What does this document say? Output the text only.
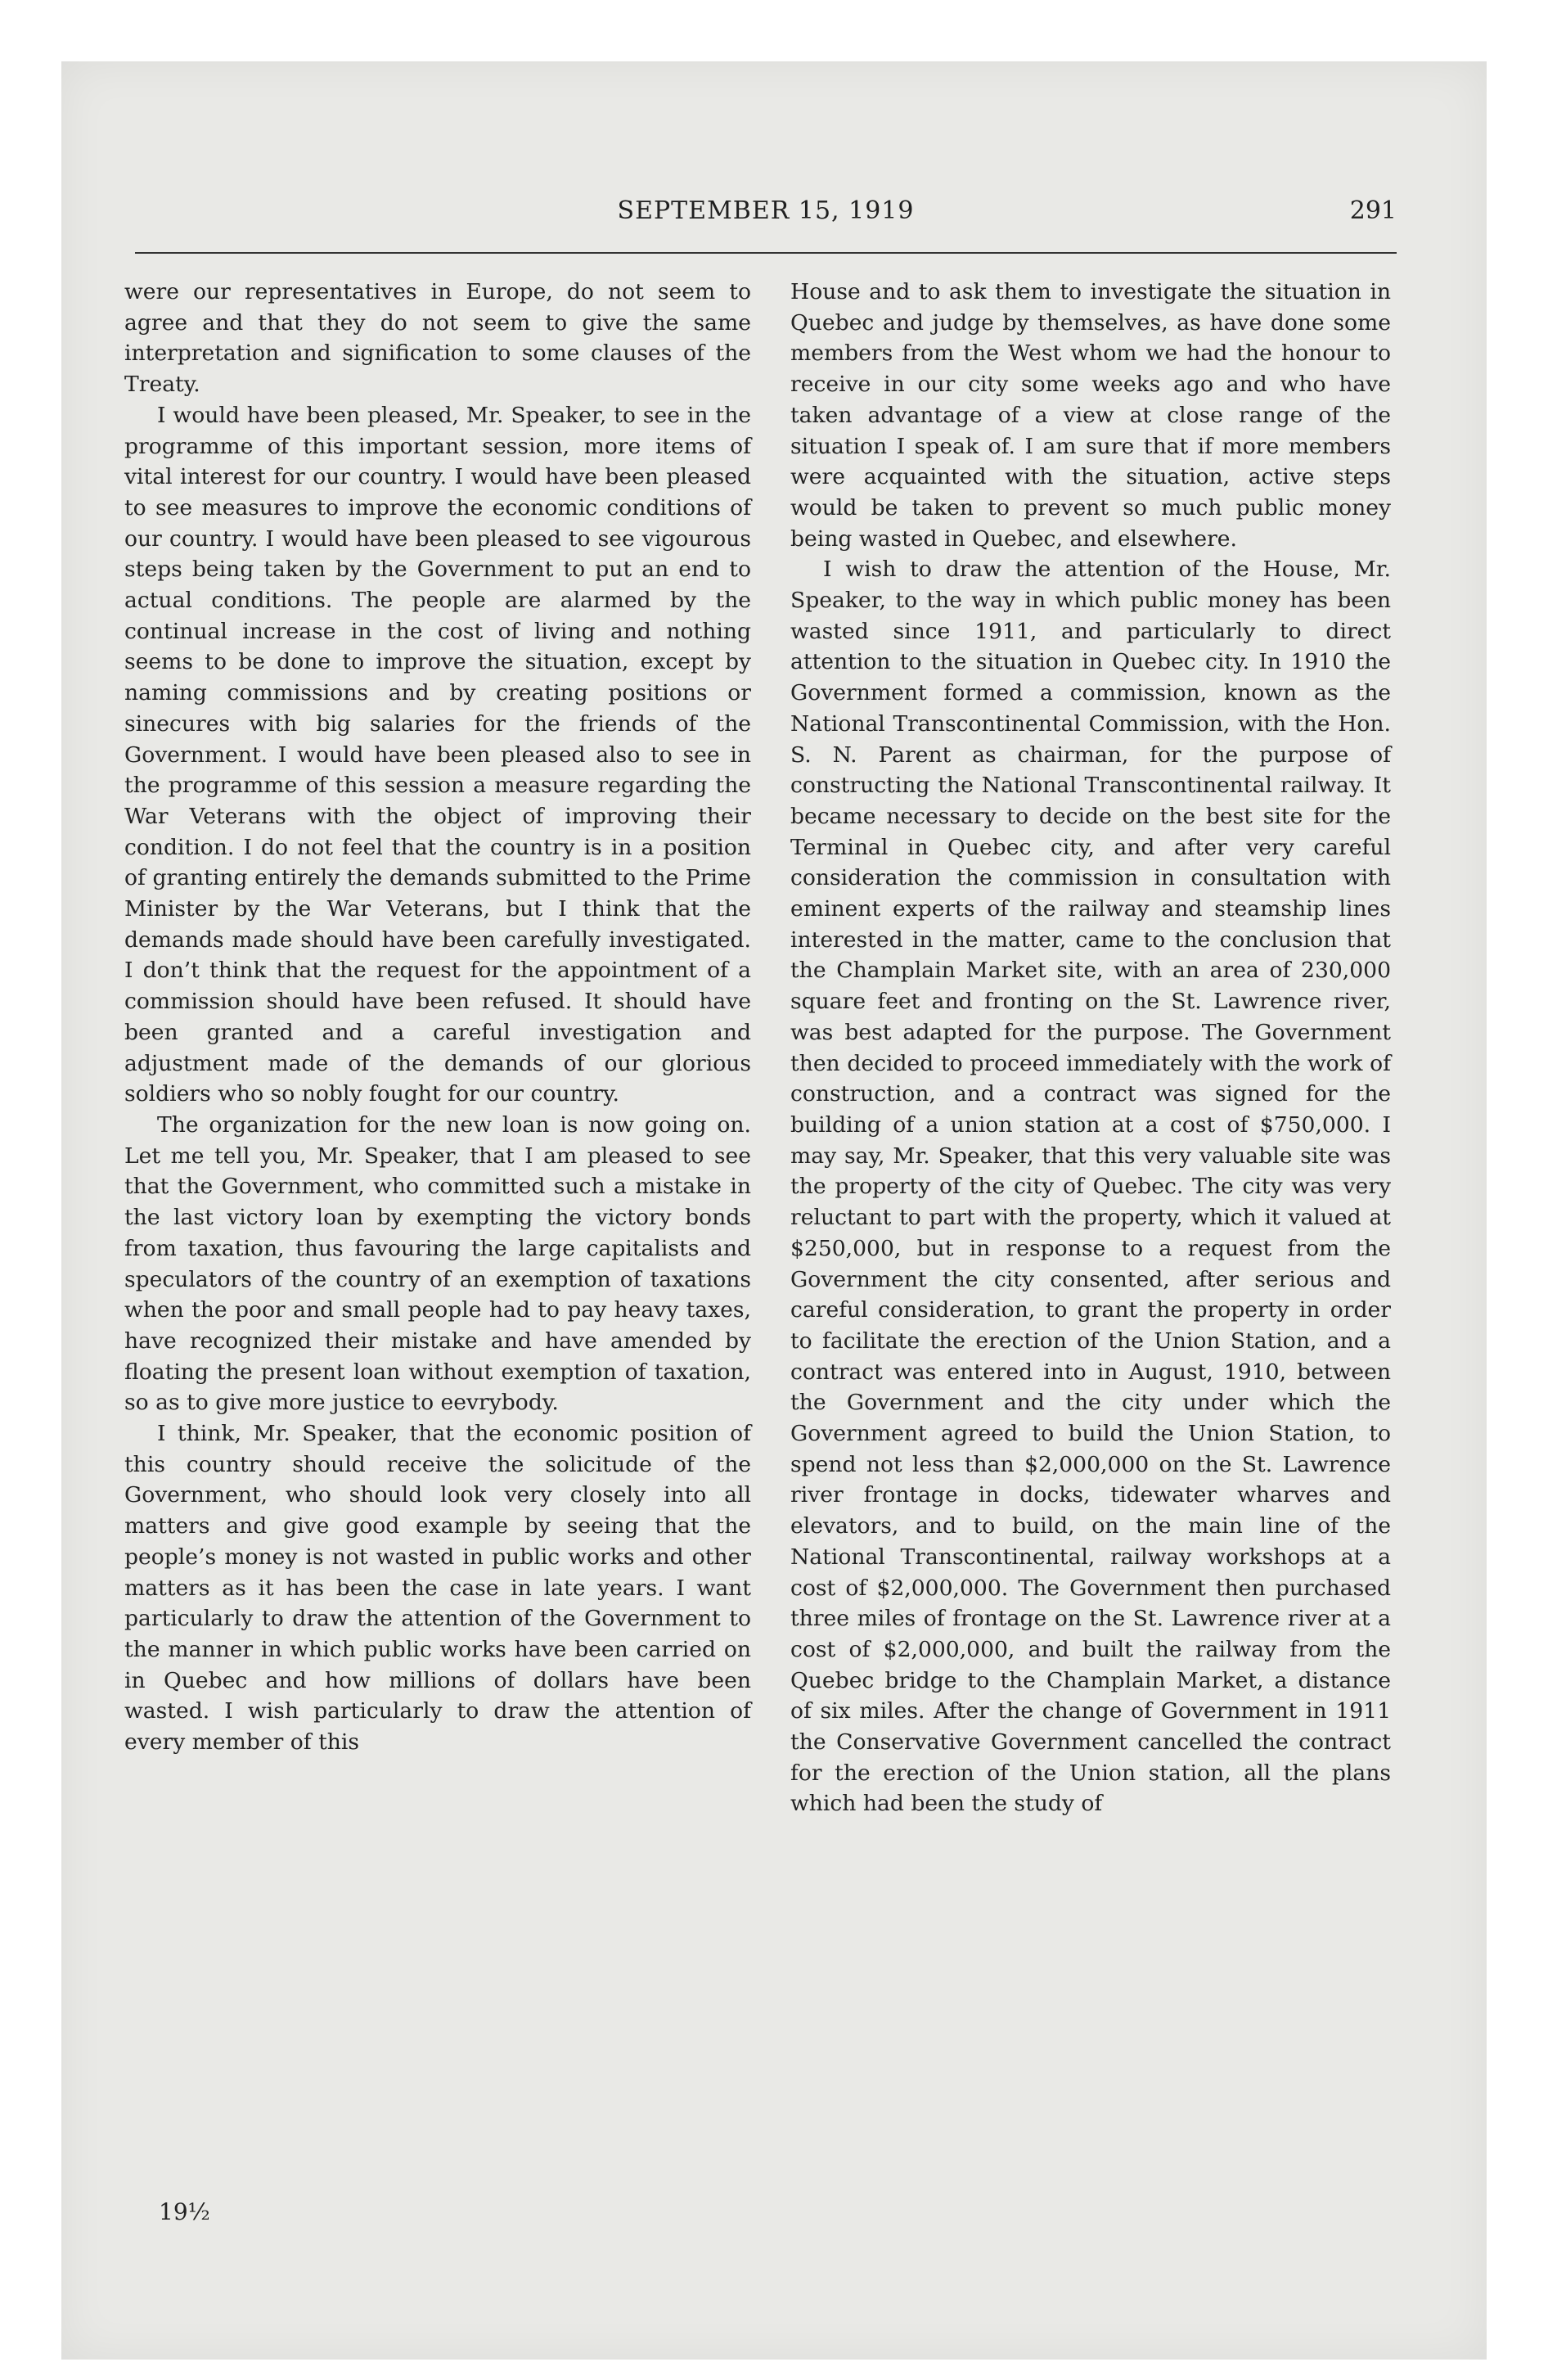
SEPTEMBER 15, 1919	291

were our representatives in Europe, do not seem to agree and that they do not seem to give the same interpretation and signification to some clauses of the Treaty.

I would have been pleased, Mr. Speaker, to see in the programme of this important session, more items of vital interest for our country. I would have been pleased to see measures to improve the economic conditions of our country. I would have been pleased to see vigourous steps being taken by the Government to put an end to actual conditions. The people are alarmed by the continual increase in the cost of living and nothing seems to be done to improve the situation, except by naming commissions and by creating positions or sinecures with big salaries for the friends of the Government. I would have been pleased also to see in the programme of this session a measure regarding the War Veterans with the object of improving their condition. I do not feel that the country is in a position of granting entirely the demands submitted to the Prime Minister by the War Veterans, but I think that the demands made should have been carefully investigated. I don’t think that the request for the appointment of a commission should have been refused. It should have been granted and a careful investigation and adjustment made of the demands of our glorious soldiers who so nobly fought for our country.

The organization for the new loan is now going on. Let me tell you, Mr. Speaker, that I am pleased to see that the Government, who committed such a mistake in the last victory loan by exempting the victory bonds from taxation, thus favouring the large capitalists and speculators of the country of an exemption of taxations when the poor and small people had to pay heavy taxes, have recognized their mistake and have amended by floating the present loan without exemption of taxation, so as to give more justice to eevrybody.

I think, Mr. Speaker, that the economic position of this country should receive the solicitude of the Government, who should look very closely into all matters and give good example by seeing that the people’s money is not wasted in public works and other matters as it has been the case in late years. I want particularly to draw the attention of the Government to the manner in which public works have been carried on in Quebec and how millions of dollars have been wasted. I wish particularly to draw the attention of every member of this

House and to ask them to investigate the situation in Quebec and judge by themselves, as have done some members from the West whom we had the honour to receive in our city some weeks ago and who have taken advantage of a view at close range of the situation I speak of. I am sure that if more members were acquainted with the situation, active steps would be taken to prevent so much public money being wasted in Quebec, and elsewhere.

I wish to draw the attention of the House, Mr. Speaker, to the way in which public money has been wasted since 1911, and particularly to direct attention to the situation in Quebec city. In 1910 the Government formed a commission, known as the National Transcontinental Commission, with the Hon. S. N. Parent as chairman, for the purpose of constructing the National Transcontinental railway. It became necessary to decide on the best site for the Terminal in Quebec city, and after very careful consideration the commission in consultation with eminent experts of the railway and steamship lines interested in the matter, came to the conclusion that the Champlain Market site, with an area of 230,000 square feet and fronting on the St. Lawrence river, was best adapted for the purpose. The Government then decided to proceed immediately with the work of construction, and a contract was signed for the building of a union station at a cost of $750,000. I may say, Mr. Speaker, that this very valuable site was the property of the city of Quebec. The city was very reluctant to part with the property, which it valued at $250,000, but in response to a request from the Government the city consented, after serious and careful consideration, to grant the property in order to facilitate the erection of the Union Station, and a contract was entered into in August, 1910, between the Government and the city under which the Government agreed to build the Union Station, to spend not less than $2,000,000 on the St. Lawrence river frontage in docks, tidewater wharves and elevators, and to build, on the main line of the National Transcontinental, railway workshops at a cost of $2,000,000. The Government then purchased three miles of frontage on the St. Lawrence river at a cost of $2,000,000, and built the railway from the Quebec bridge to the Champlain Market, a distance of six miles. After the change of Government in 1911 the Conservative Government cancelled the contract for the erection of the Union station, all the plans which had been the study of

19½
